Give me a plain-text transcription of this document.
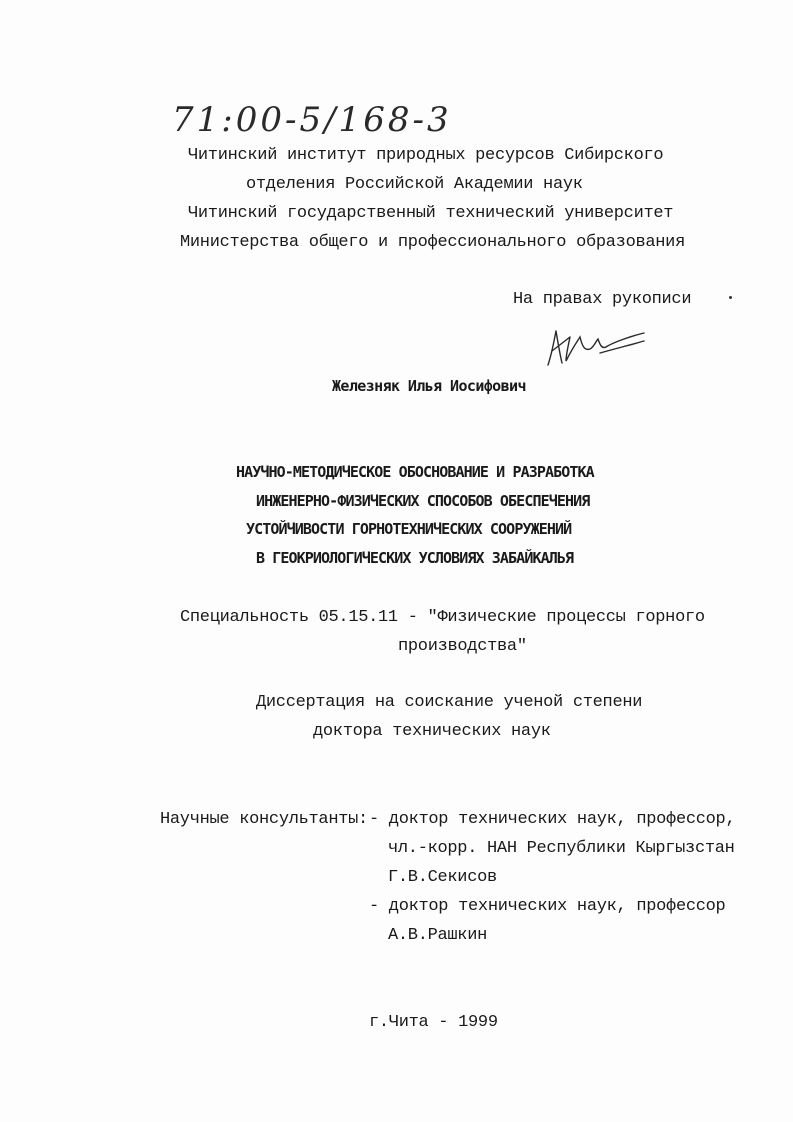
71:00-5/168-3
Читинский институт природных ресурсов Сибирского
отделения Российской Академии наук
Читинский государственный технический университет
Министерства общего и профессионального образования
На правах рукописи
Железняк Илья Иосифович
НАУЧНО-МЕТОДИЧЕСКОЕ ОБОСНОВАНИЕ И РАЗРАБОТКА
ИНЖЕНЕРНО-ФИЗИЧЕСКИХ СПОСОБОВ ОБЕСПЕЧЕНИЯ
УСТОЙЧИВОСТИ ГОРНОТЕХНИЧЕСКИХ СООРУЖЕНИЙ
В ГЕОКРИОЛОГИЧЕСКИХ УСЛОВИЯХ ЗАБАЙКАЛЬЯ
Специальность 05.15.11 - "Физические процессы горного
производства"
Диссертация на соискание ученой степени
доктора технических наук
Научные консультанты: - доктор технических наук, профессор,
чл.-корр. НАН Республики Кыргызстан
Г.В.Секисов
- доктор технических наук, профессор
А.В.Рашкин
г.Чита - 1999
